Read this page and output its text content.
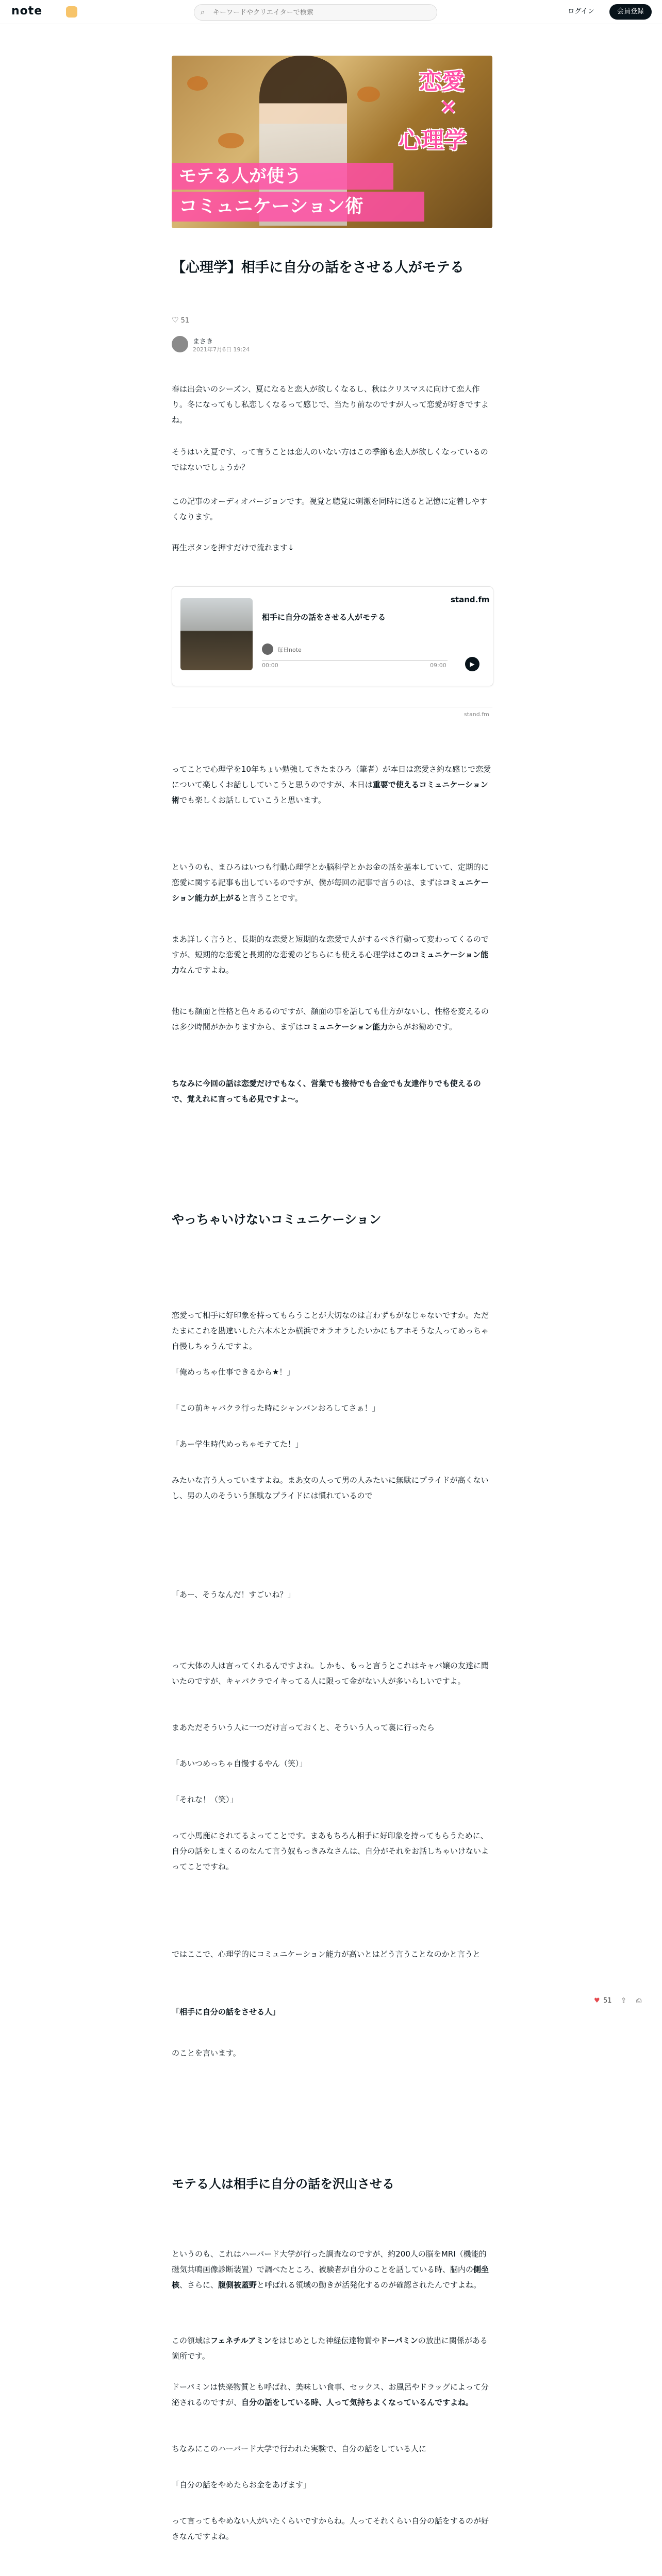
note	⌕
キーワードやクリエイターで検索	ログイン	会員登録
恋愛
×
心理学
モテる人が使う
コミュニケーション術
【心理学】相手に自分の話をさせる人がモテる
♡ 51
まさき
2021年7月6日 19:24

春は出会いのシーズン、夏になると恋人が欲しくなるし、秋はクリスマスに向けて恋人作り。冬になってもし私恋しくなるって感じで、当たり前なのですが人って恋愛が好きですよね。

そうはいえ夏です、って言うことは恋人のいない方はこの季節も恋人が欲しくなっているのではないでしょうか？

この記事のオーディオバージョンです。視覚と聴覚に刺激を同時に送ると記憶に定着しやすくなります。

再生ボタンを押すだけで流れます↓

stand.fm
相手に自分の話をさせる人がモテる
毎日note
00:00	09:00	▶
stand.fm

ってことで心理学を10年ちょい勉強してきたまひろ（筆者）が本日は恋愛さ約な感じで恋愛について楽しくお話ししていこうと思うのですが、本日は重要で使えるコミュニケーション術でも楽しくお話ししていこうと思います。

というのも、まひろはいつも行動心理学とか脳科学とかお金の話を基本していて、定期的に恋愛に関する記事も出しているのですが、僕が毎回の記事で言うのは、まずはコミュニケーション能力が上がると言うことです。

まあ詳しく言うと、長期的な恋愛と短期的な恋愛で人がするべき行動って変わってくるのですが、短期的な恋愛と長期的な恋愛のどちらにも使える心理学はこのコミュニケーション能力なんですよね。

他にも顔面と性格と色々あるのですが、顔面の事を話しても仕方がないし、性格を変えるのは多少時間がかかりますから、まずはコミュニケーション能力からがお勧めです。

ちなみに今回の話は恋愛だけでもなく、営業でも接待でも合金でも友達作りでも使えるので、覚えれに言っても必見ですよ〜。

やっちゃいけないコミュニケーション

恋愛って相手に好印象を持ってもらうことが大切なのは言わずもがなじゃないですか。ただたまにこれを勘違いした六本木とか横浜でオラオラしたいかにもアホそうな人ってめっちゃ自慢しちゃうんですよ。

「俺めっちゃ仕事できるから★！」

「この前キャバクラ行った時にシャンパンおろしてさぁ！」

「あー学生時代めっちゃモテてた！」

みたいな言う人っていますよね。まあ女の人って男の人みたいに無駄にプライドが高くないし、男の人のそういう無駄なプライドには慣れているので

「あー、そうなんだ！すごいね？」

って大体の人は言ってくれるんですよね。しかも、もっと言うとこれはキャバ嬢の友達に聞いたのですが、キャバクラでイキってる人に限って金がない人が多いらしいですよ。

まあただそういう人に一つだけ言っておくと、そういう人って裏に行ったら

「あいつめっちゃ自慢するやん（笑）」

「それな！（笑）」

って小馬鹿にされてるよってことです。まあもちろん相手に好印象を持ってもらうために、自分の話をしまくるのなんて言う奴もっきみなさんは、自分がそれをお話しちゃいけないよってことですね。

ではここで、心理学的にコミュニケーション能力が高いとはどう言うことなのかと言うと

「相手に自分の話をさせる人」

のことを言います。

モテる人は相手に自分の話を沢山させる

というのも、これはハーバード大学が行った調査なのですが、約200人の脳をMRI（機能的磁気共鳴画像診断装置）で調べたところ、被験者が自分のことを話している時、脳内の側坐核、さらに、腹側被蓋野と呼ばれる領域の動きが活発化するのが確認されたんですよね。

この領域はフェネチルアミンをはじめとした神経伝達物質やドーパミンの放出に関係がある箇所です。

ドーパミンは快楽物質とも呼ばれ、美味しい食事、セックス、お風呂やドラッグによって分泌されるのですが、自分の話をしている時、人って気持ちよくなっているんですよね。

ちなみにこのハーバード大学で行われた実験で、自分の話をしている人に

「自分の話をやめたらお金をあげます」

って言ってもやめない人がいたくらいですからね。人ってそれくらい自分の話をするのが好きなんですよね。

♥ 51 ⇪ ⎙
